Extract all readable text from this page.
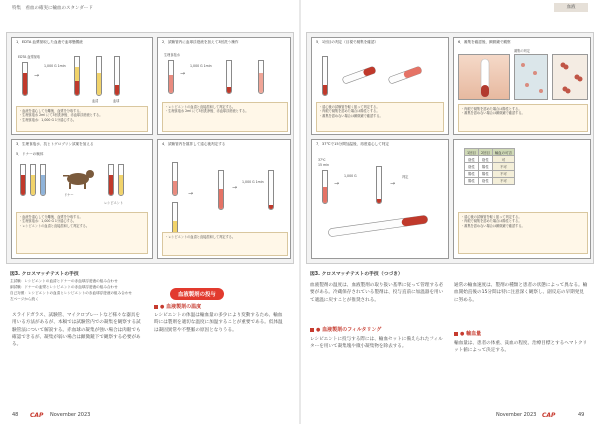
特集　看血の確実に輸血のスタンダード
1．EDTA 血漿採取した血液で血球懸濁液
EDTA 血漿採取
→
1,000 G 1min
血清	血球
・血液を遠心して分離後、血漿を分取する。
・生理食塩水 2ml にて3回洗浄後、赤血球浮遊液とする。
・生理食塩水：1,000 G 1分遠心する。
2．試験管内に血球浮遊液を加えて3回洗う操作
生理食塩水
→
1,000 G 1min
・レシピエントの血清と直接混和して判定する。
・生理食塩水 2ml にて3回洗浄後、赤血球浮遊液とする。
3．生理食塩水、抗ヒトグロブリン試薬を加える
5．ドナーの検体
ドナー
レシピエント
・血液を遠心して分離後、血漿を分取する。
・生理食塩水：1,000 G 1分遠心する。
・レシピエントの血清と直接混和して判定する。
4．試験管内を撹拌して遠心後判定する
→
→
1,000 G 1min
・レシピエントの血清と直接混和して判定する。
図3. クロスマッチテストの手技
主試験：レシピエントの血清とドナーの赤血球浮遊液の組み合わせ
副試験：ドナーの血漿とレシピエントの赤血球浮遊液の組み合わせ
自己対照：レシピエントの血清とレシピエントの赤血球浮遊液の組み合わせ
左ページから続く
スライドガラス、試験管、マイクロプレートなど様々な器具を用いる方法があるが、本稿では試験管内での凝集を観察する試験管法について解説する。赤血球の凝集が強い場合は肉眼でも確認できるが、凝集が弱い場合は顕微鏡下で観察する必要がある。
血液製剤の投与
● 血液製剤の温度
レシピエントの体温は輸血量の多少により変動するため、輸血時には製剤を適切な温度に加温することが重要である。低体温は凝固異常や不整脈の原因となりうる。
48 CAP November 2023
血液
5．1回目の判定（目視で凝集を確認）
・遠心後の試験管を軽く振って判定する。
・肉眼で凝集を認めた場合は陽性とする。
・凝集を認めない場合は顕微鏡で確認する。
6．凝集を確認後、顕微鏡で観察
凝集の判定
・肉眼で凝集を認めた場合は陽性とする。
・凝集を認めない場合は顕微鏡で確認する。
7．37℃で15分間加温後、再度遠心して判定
37℃
15 min
→
1,000 G
→
判定
1回目	2回目	輸血の可否
陰性	陰性	可
陰性	陽性	不可
陽性	陽性	不可
陽性	陰性	不可
・遠心後の試験管を軽く振って判定する。
・肉眼で凝集を認めた場合は陽性とする。
・凝集を認めない場合は顕微鏡で確認する。
図3. クロスマッチテストの手技（つづき）
血液製剤の温度は、血液製剤の取り扱い基準に従って管理する必要がある。冷蔵保存されている製剤は、投与直前に加温器を用いて適温に戻すことが推奨される。
● 血液製剤のフィルタリング
レシピエントに投与する際には、輸血セットに備えられたフィルターを用いて凝集塊や微小凝集物を除去する。
通常の輸血速度は、製剤の種類と患者の状態によって異なる。輸血開始直後の15分間は特に注意深く観察し、副反応の早期発見に努める。
● 輸血量
輸血量は、患者の体重、貧血の程度、治療目標とするヘマトクリット値によって決定する。
November 2023 CAP	49
